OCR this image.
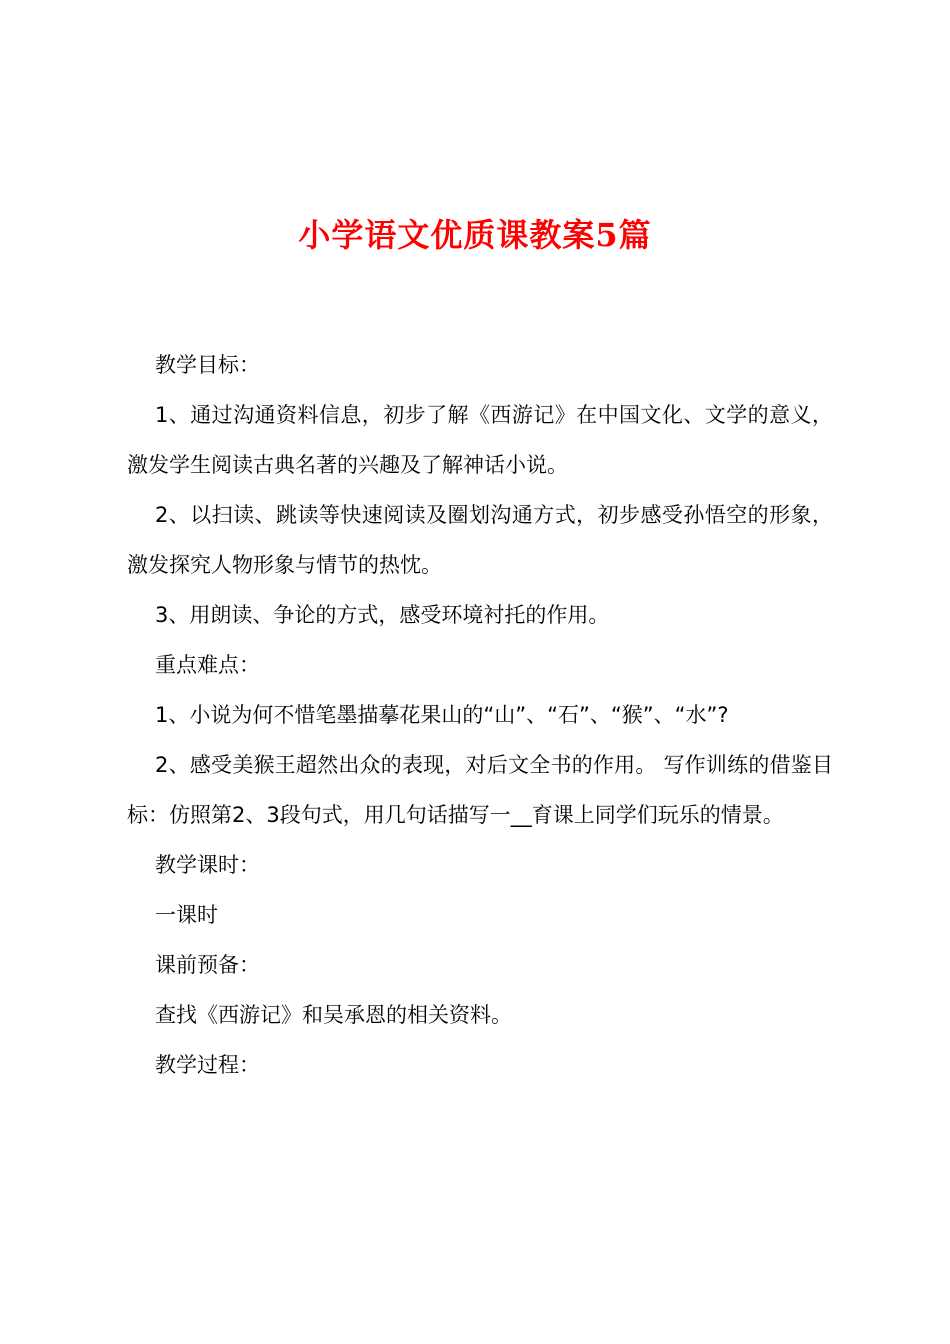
小学语文优质课教案5篇

教学目标：

1、通过沟通资料信息，初步了解《西游记》在中国文化、文学的意义，激发学生阅读古典名著的兴趣及了解神话小说。

2、以扫读、跳读等快速阅读及圈划沟通方式，初步感受孙悟空的形象，激发探究人物形象与情节的热忱。

3、用朗读、争论的方式，感受环境衬托的作用。

重点难点：

1、小说为何不惜笔墨描摹花果山的“山”、“石”、“猴”、“水”?

2、感受美猴王超然出众的表现，对后文全书的作用。 写作训练的借鉴目标：仿照第2、3段句式，用几句话描写一__育课上同学们玩乐的情景。

教学课时：

一课时

课前预备：

查找《西游记》和吴承恩的相关资料。

教学过程：
